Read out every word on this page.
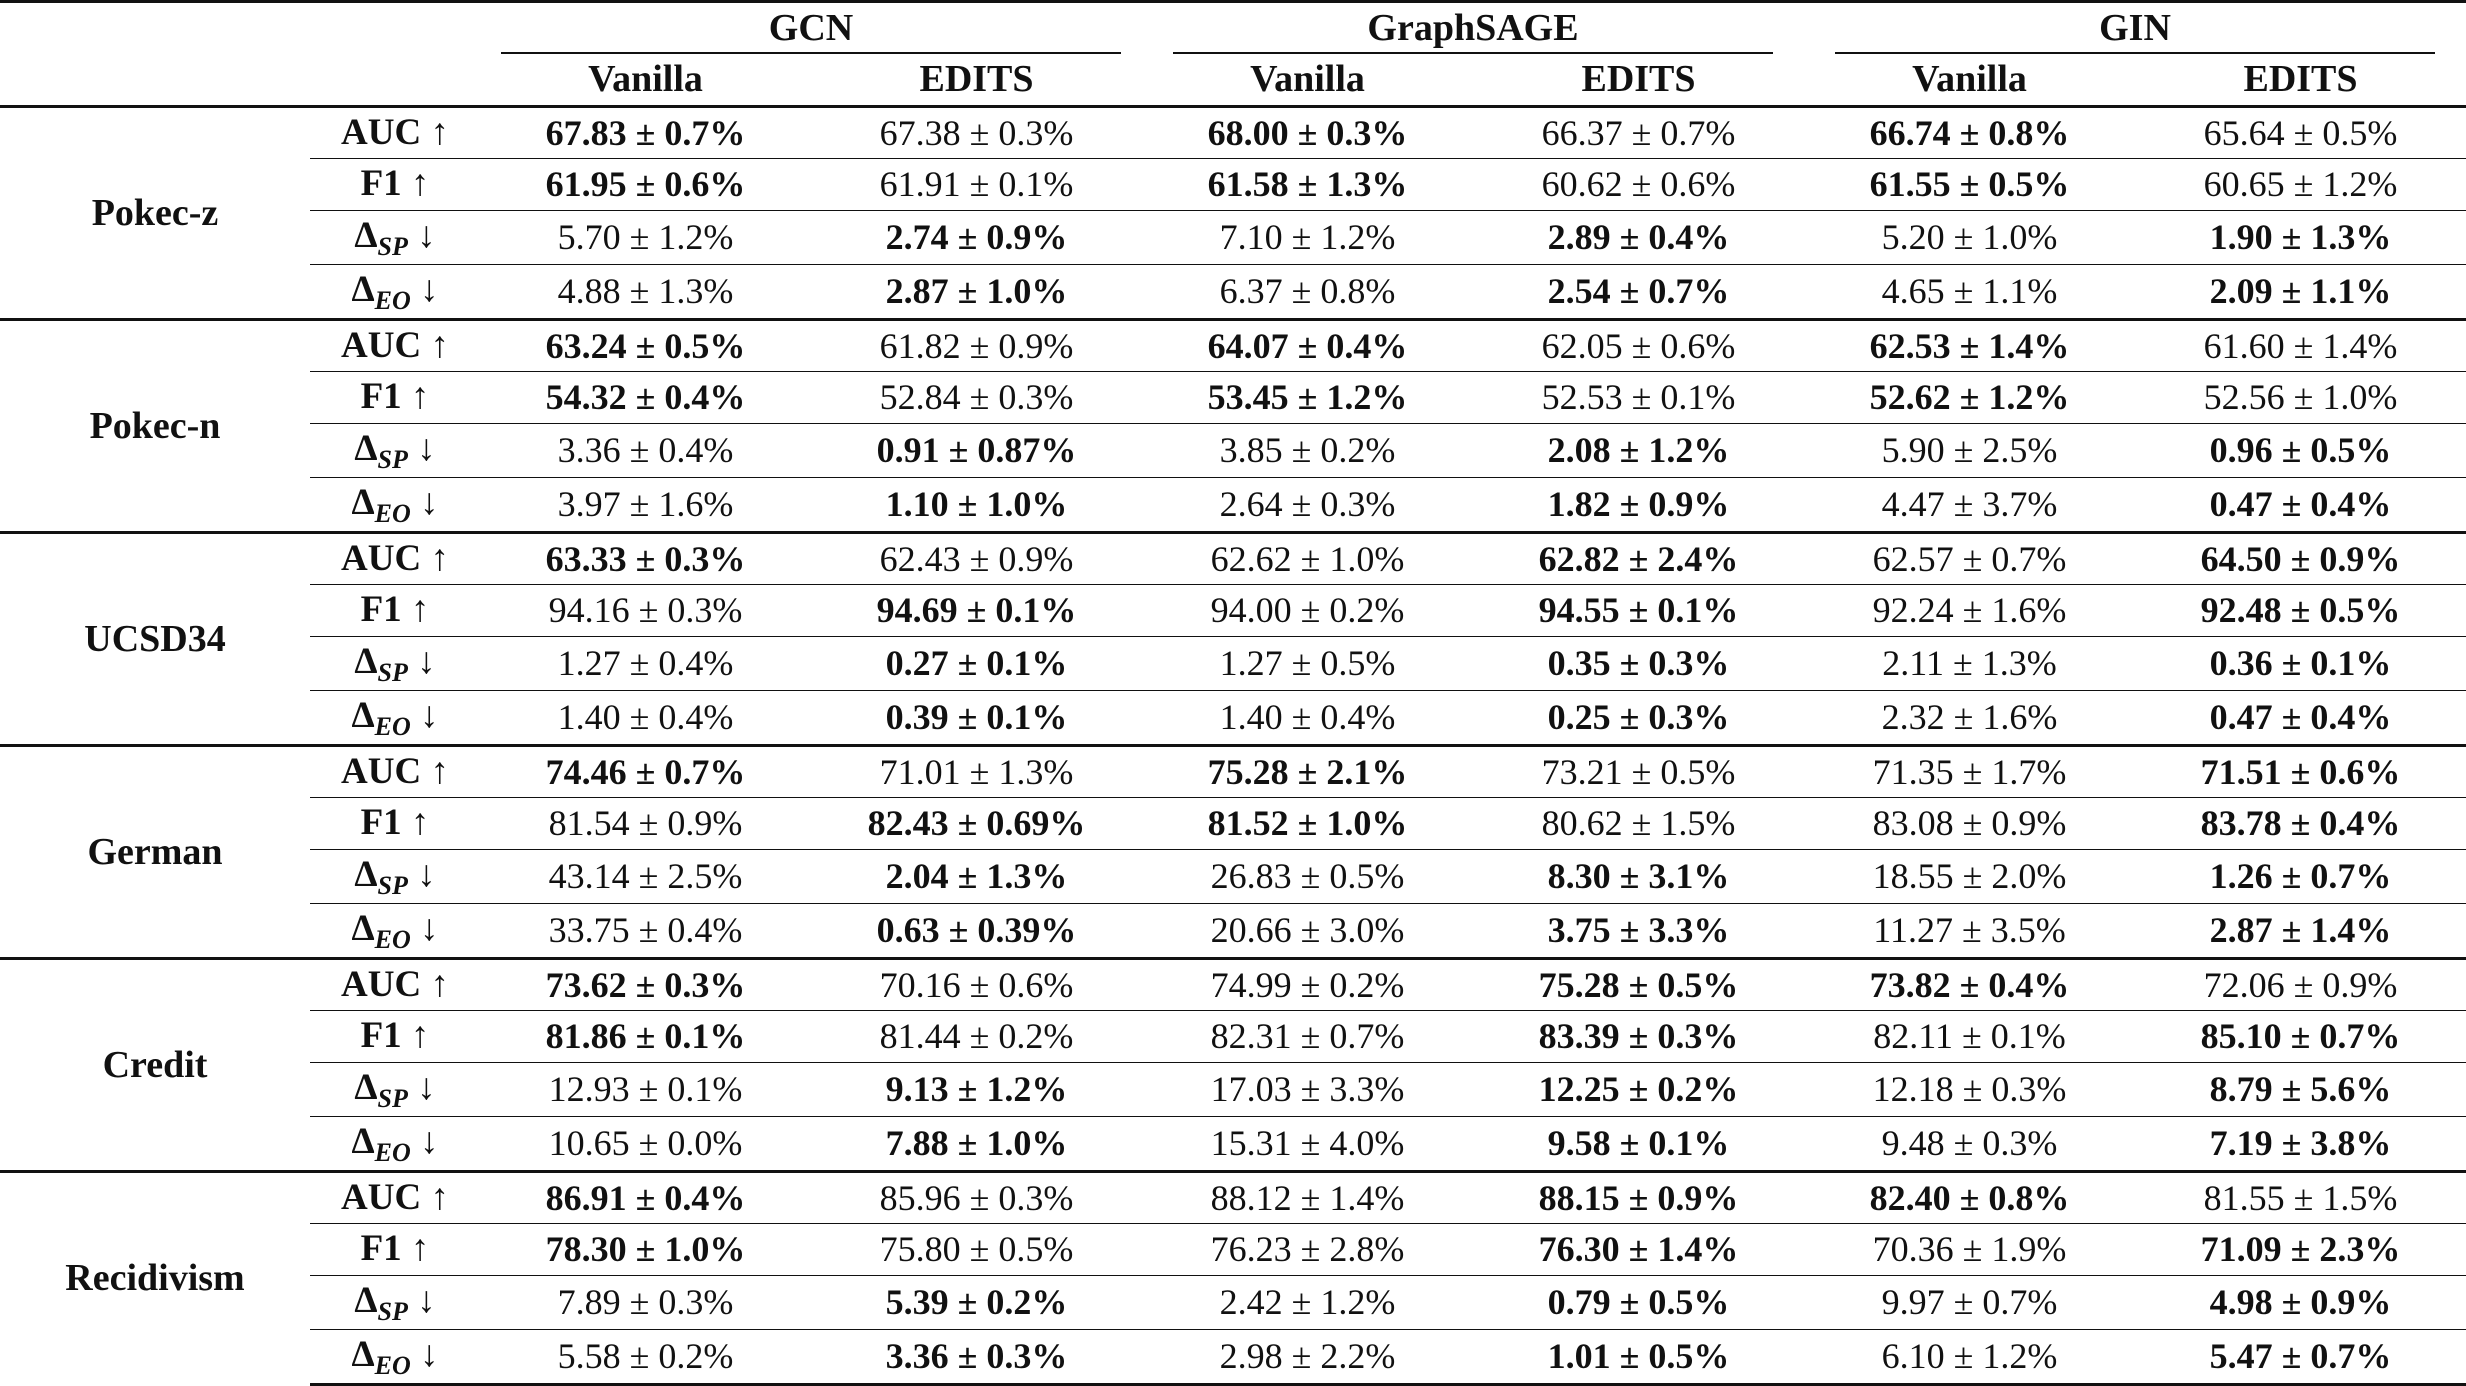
		GCN		GraphSAGE		GIN	
		Vanilla	EDITS	Vanilla	EDITS	Vanilla	EDITS
Pokec-z	AUC ↑	67.83 ± 0.7%	67.38 ± 0.3%	68.00 ± 0.3%	66.37 ± 0.7%	66.74 ± 0.8%	65.64 ± 0.5%
	F1 ↑	61.95 ± 0.6%	61.91 ± 0.1%	61.58 ± 1.3%	60.62 ± 0.6%	61.55 ± 0.5%	60.65 ± 1.2%
	$\Delta_{SP}$ ↓	5.70 ± 1.2%	2.74 ± 0.9%	7.10 ± 1.2%	2.89 ± 0.4%	5.20 ± 1.0%	1.90 ± 1.3%
	$\Delta_{EO}$ ↓	4.88 ± 1.3%	2.87 ± 1.0%	6.37 ± 0.8%	2.54 ± 0.7%	4.65 ± 1.1%	2.09 ± 1.1%
Pokec-n	AUC ↑	63.24 ± 0.5%	61.82 ± 0.9%	64.07 ± 0.4%	62.05 ± 0.6%	62.53 ± 1.4%	61.60 ± 1.4%
	F1 ↑	54.32 ± 0.4%	52.84 ± 0.3%	53.45 ± 1.2%	52.53 ± 0.1%	52.62 ± 1.2%	52.56 ± 1.0%
	$\Delta_{SP}$ ↓	3.36 ± 0.4%	0.91 ± 0.87%	3.85 ± 0.2%	2.08 ± 1.2%	5.90 ± 2.5%	0.96 ± 0.5%
	$\Delta_{EO}$ ↓	3.97 ± 1.6%	1.10 ± 1.0%	2.64 ± 0.3%	1.82 ± 0.9%	4.47 ± 3.7%	0.47 ± 0.4%
UCSD34	AUC ↑	63.33 ± 0.3%	62.43 ± 0.9%	62.62 ± 1.0%	62.82 ± 2.4%	62.57 ± 0.7%	64.50 ± 0.9%
	F1 ↑	94.16 ± 0.3%	94.69 ± 0.1%	94.00 ± 0.2%	94.55 ± 0.1%	92.24 ± 1.6%	92.48 ± 0.5%
	$\Delta_{SP}$ ↓	1.27 ± 0.4%	0.27 ± 0.1%	1.27 ± 0.5%	0.35 ± 0.3%	2.11 ± 1.3%	0.36 ± 0.1%
	$\Delta_{EO}$ ↓	1.40 ± 0.4%	0.39 ± 0.1%	1.40 ± 0.4%	0.25 ± 0.3%	2.32 ± 1.6%	0.47 ± 0.4%
German	AUC ↑	74.46 ± 0.7%	71.01 ± 1.3%	75.28 ± 2.1%	73.21 ± 0.5%	71.35 ± 1.7%	71.51 ± 0.6%
	F1 ↑	81.54 ± 0.9%	82.43 ± 0.69%	81.52 ± 1.0%	80.62 ± 1.5%	83.08 ± 0.9%	83.78 ± 0.4%
	$\Delta_{SP}$ ↓	43.14 ± 2.5%	2.04 ± 1.3%	26.83 ± 0.5%	8.30 ± 3.1%	18.55 ± 2.0%	1.26 ± 0.7%
	$\Delta_{EO}$ ↓	33.75 ± 0.4%	0.63 ± 0.39%	20.66 ± 3.0%	3.75 ± 3.3%	11.27 ± 3.5%	2.87 ± 1.4%
Credit	AUC ↑	73.62 ± 0.3%	70.16 ± 0.6%	74.99 ± 0.2%	75.28 ± 0.5%	73.82 ± 0.4%	72.06 ± 0.9%
	F1 ↑	81.86 ± 0.1%	81.44 ± 0.2%	82.31 ± 0.7%	83.39 ± 0.3%	82.11 ± 0.1%	85.10 ± 0.7%
	$\Delta_{SP}$ ↓	12.93 ± 0.1%	9.13 ± 1.2%	17.03 ± 3.3%	12.25 ± 0.2%	12.18 ± 0.3%	8.79 ± 5.6%
	$\Delta_{EO}$ ↓	10.65 ± 0.0%	7.88 ± 1.0%	15.31 ± 4.0%	9.58 ± 0.1%	9.48 ± 0.3%	7.19 ± 3.8%
Recidivism	AUC ↑	86.91 ± 0.4%	85.96 ± 0.3%	88.12 ± 1.4%	88.15 ± 0.9%	82.40 ± 0.8%	81.55 ± 1.5%
	F1 ↑	78.30 ± 1.0%	75.80 ± 0.5%	76.23 ± 2.8%	76.30 ± 1.4%	70.36 ± 1.9%	71.09 ± 2.3%
	$\Delta_{SP}$ ↓	7.89 ± 0.3%	5.39 ± 0.2%	2.42 ± 1.2%	0.79 ± 0.5%	9.97 ± 0.7%	4.98 ± 0.9%
	$\Delta_{EO}$ ↓	5.58 ± 0.2%	3.36 ± 0.3%	2.98 ± 2.2%	1.01 ± 0.5%	6.10 ± 1.2%	5.47 ± 0.7%
